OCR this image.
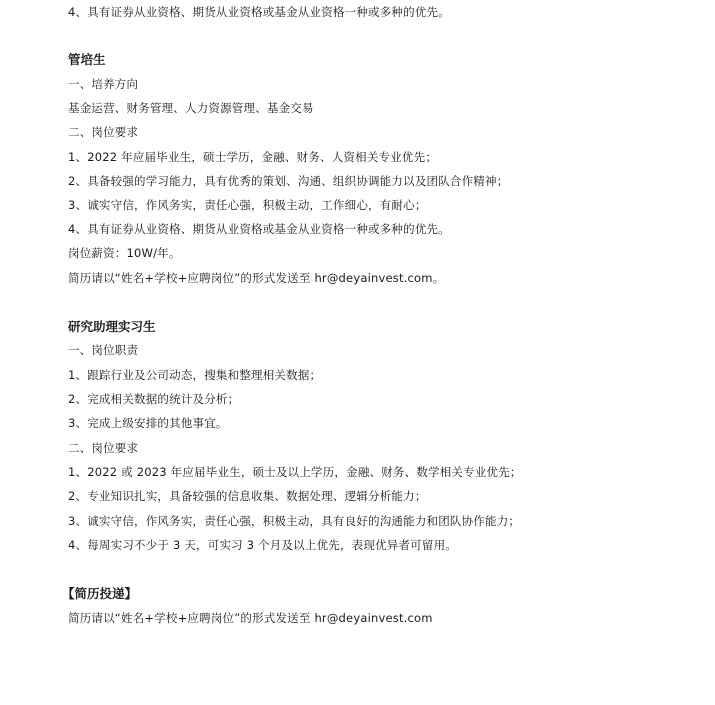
4、具有证券从业资格、期货从业资格或基金从业资格一种或多种的优先。
管培生
一、培养方向
基金运营、财务管理、人力资源管理、基金交易
二、岗位要求
1、2022 年应届毕业生，硕士学历，金融、财务、人资相关专业优先；
2、具备较强的学习能力，具有优秀的策划、沟通、组织协调能力以及团队合作精神；
3、诚实守信，作风务实，责任心强，积极主动，工作细心，有耐心；
4、具有证券从业资格、期货从业资格或基金从业资格一种或多种的优先。
岗位薪资：10W/年。
简历请以“姓名+学校+应聘岗位”的形式发送至 hr@deyainvest.com。
研究助理实习生
一、岗位职责
1、跟踪行业及公司动态，搜集和整理相关数据；
2、完成相关数据的统计及分析；
3、完成上级安排的其他事宜。
二、岗位要求
1、2022 或 2023 年应届毕业生，硕士及以上学历，金融、财务、数学相关专业优先；
2、专业知识扎实，具备较强的信息收集、数据处理、逻辑分析能力；
3、诚实守信，作风务实，责任心强，积极主动，具有良好的沟通能力和团队协作能力；
4、每周实习不少于 3 天，可实习 3 个月及以上优先，表现优异者可留用。
【简历投递】
简历请以“姓名+学校+应聘岗位”的形式发送至 hr@deyainvest.com
